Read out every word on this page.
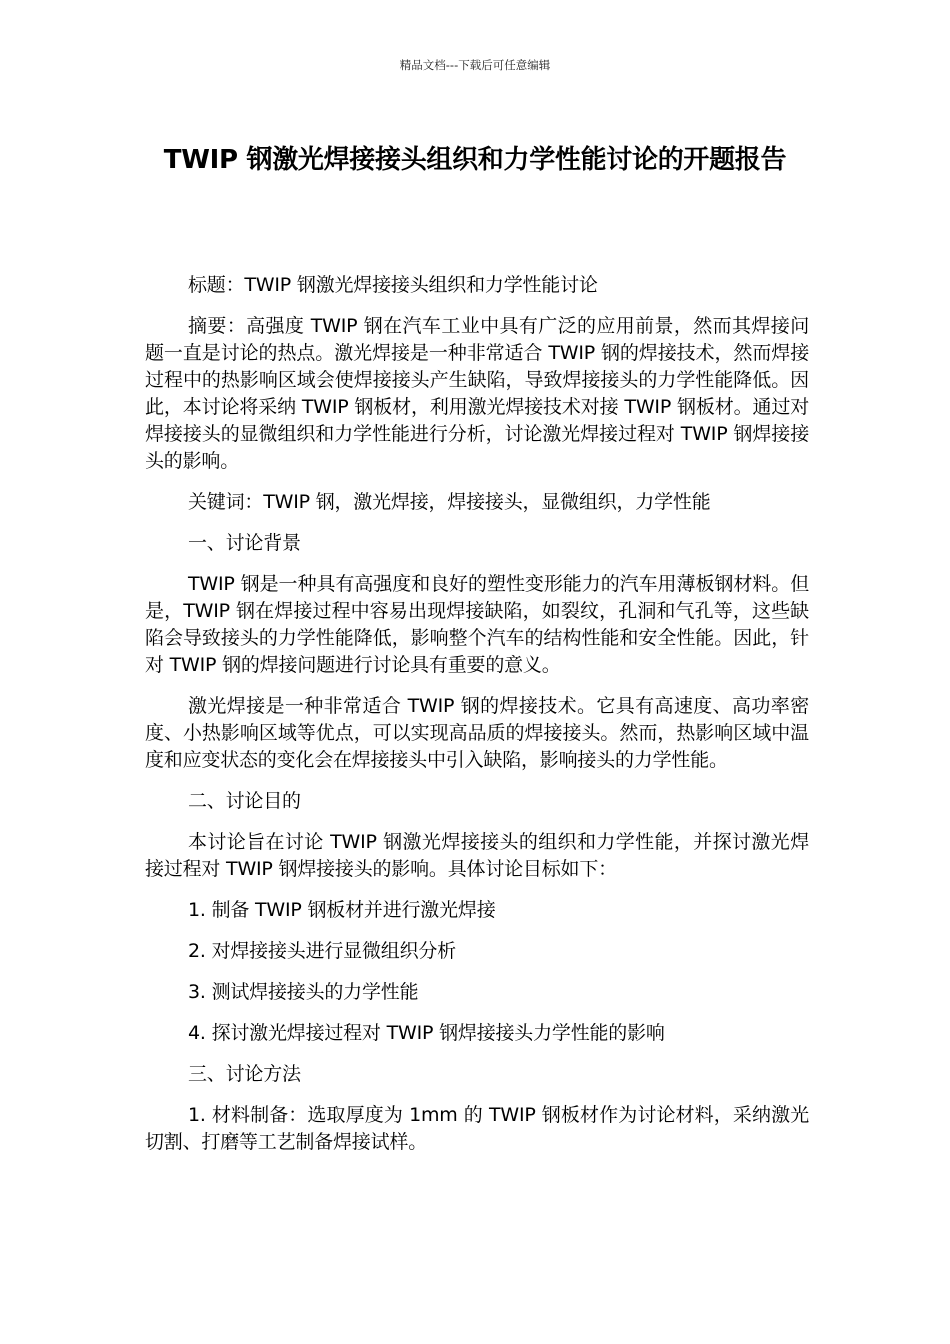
精品文档---下载后可任意编辑
TWIP 钢激光焊接接头组织和力学性能讨论的开题报告

标题：TWIP 钢激光焊接接头组织和力学性能讨论

摘要：高强度 TWIP 钢在汽车工业中具有广泛的应用前景，然而其焊接问题一直是讨论的热点。激光焊接是一种非常适合 TWIP 钢的焊接技术，然而焊接过程中的热影响区域会使焊接接头产生缺陷，导致焊接接头的力学性能降低。因此，本讨论将采纳 TWIP 钢板材，利用激光焊接技术对接 TWIP 钢板材。通过对焊接接头的显微组织和力学性能进行分析，讨论激光焊接过程对 TWIP 钢焊接接头的影响。

关键词：TWIP 钢，激光焊接，焊接接头，显微组织，力学性能

一、讨论背景

TWIP 钢是一种具有高强度和良好的塑性变形能力的汽车用薄板钢材料。但是，TWIP 钢在焊接过程中容易出现焊接缺陷，如裂纹，孔洞和气孔等，这些缺陷会导致接头的力学性能降低，影响整个汽车的结构性能和安全性能。因此，针对 TWIP 钢的焊接问题进行讨论具有重要的意义。

激光焊接是一种非常适合 TWIP 钢的焊接技术。它具有高速度、高功率密度、小热影响区域等优点，可以实现高品质的焊接接头。然而，热影响区域中温度和应变状态的变化会在焊接接头中引入缺陷，影响接头的力学性能。

二、讨论目的

本讨论旨在讨论 TWIP 钢激光焊接接头的组织和力学性能，并探讨激光焊接过程对 TWIP 钢焊接接头的影响。具体讨论目标如下：

1. 制备 TWIP 钢板材并进行激光焊接

2. 对焊接接头进行显微组织分析

3. 测试焊接接头的力学性能

4. 探讨激光焊接过程对 TWIP 钢焊接接头力学性能的影响

三、讨论方法

1. 材料制备：选取厚度为 1mm 的 TWIP 钢板材作为讨论材料，采纳激光切割、打磨等工艺制备焊接试样。
